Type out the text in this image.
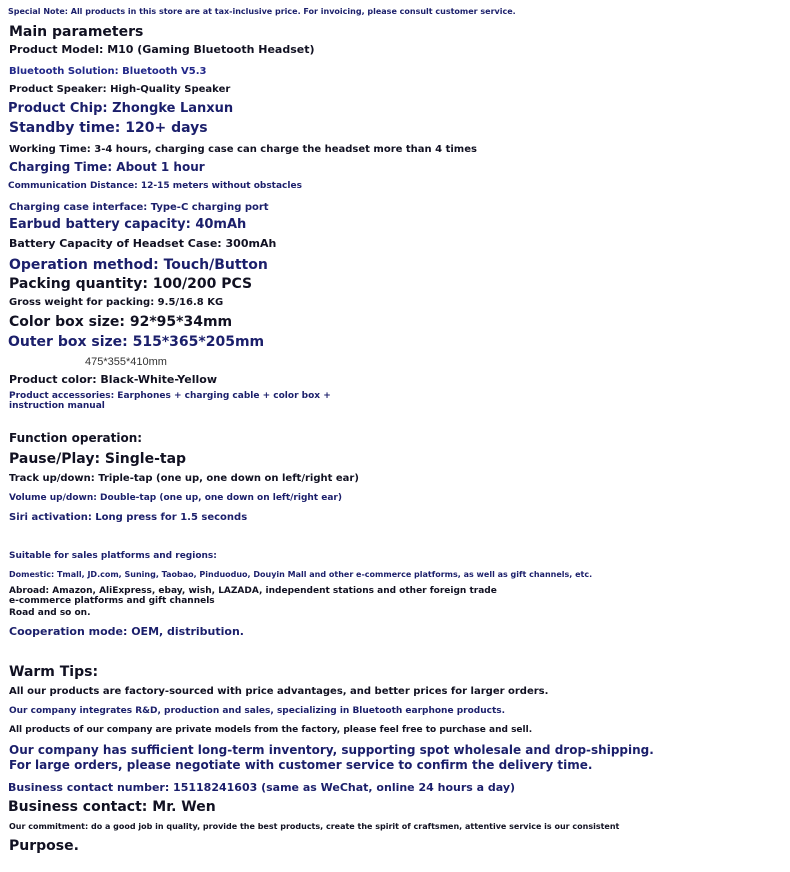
Special Note: All products in this store are at tax-inclusive price. For invoicing, please consult customer service.
Main parameters
Product Model: M10 (Gaming Bluetooth Headset)
Bluetooth Solution: Bluetooth V5.3
Product Speaker: High-Quality Speaker
Product Chip: Zhongke Lanxun
Standby time: 120+ days
Working Time: 3-4 hours, charging case can charge the headset more than 4 times
Charging Time: About 1 hour
Communication Distance: 12-15 meters without obstacles
Charging case interface: Type-C charging port
Earbud battery capacity: 40mAh
Battery Capacity of Headset Case: 300mAh
Operation method: Touch/Button
Packing quantity: 100/200 PCS
Gross weight for packing: 9.5/16.8 KG
Color box size: 92*95*34mm
Outer box size: 515*365*205mm
475*355*410mm
Product color: Black-White-Yellow
Product accessories: Earphones + charging cable + color box + instruction manual
Function operation:
Pause/Play: Single-tap
Track up/down: Triple-tap (one up, one down on left/right ear)
Volume up/down: Double-tap (one up, one down on left/right ear)
Siri activation: Long press for 1.5 seconds
Suitable for sales platforms and regions:
Domestic: Tmall, JD.com, Suning, Taobao, Pinduoduo, Douyin Mall and other e-commerce platforms, as well as gift channels, etc.
Abroad: Amazon, AliExpress, ebay, wish, LAZADA, independent stations and other foreign trade e-commerce platforms and gift channels
Road and so on.
Cooperation mode: OEM, distribution.
Warm Tips:
All our products are factory-sourced with price advantages, and better prices for larger orders.
Our company integrates R&D, production and sales, specializing in Bluetooth earphone products.
All products of our company are private models from the factory, please feel free to purchase and sell.
Our company has sufficient long-term inventory, supporting spot wholesale and drop-shipping.
For large orders, please negotiate with customer service to confirm the delivery time.
Business contact number: 15118241603 (same as WeChat, online 24 hours a day)
Business contact: Mr. Wen
Our commitment: do a good job in quality, provide the best products, create the spirit of craftsmen, attentive service is our consistent
Purpose.
